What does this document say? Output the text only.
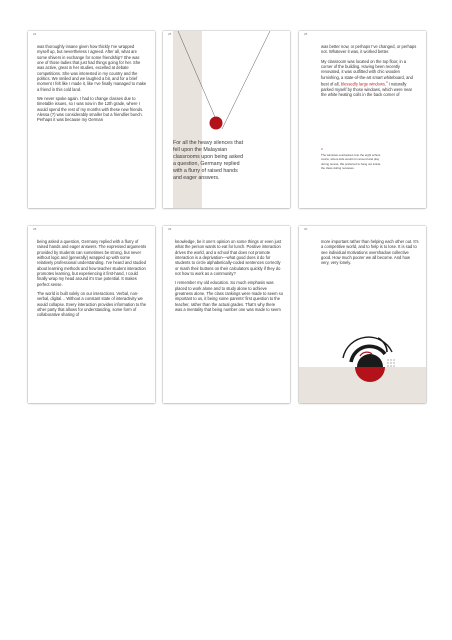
24

was thoroughly insane given how thickly I’ve wrapped myself up, but nevertheless I agreed. After all, what are some shivers in exchange for some friendship? She was one of those ladies that just had things going for her. She was active, great in her studies, excelled at debate competitions. She was interested in my country and the politics. We smiled and we laughed a bit, and for a brief moment I felt like I made it, like I’ve finally managed to make a friend in this cold land.

We never spoke again. I had to change classes due to timetable issues, so I was now in the 12th grade, where I would spend the rest of my months with these new friends. Alessa (?) was considerably smaller but a friendlier bunch. Perhaps it was because my German

25
For all the heavy silences that fell upon the Malaysian classrooms upon being asked a question, Germany replied with a flurry of raised hands and eager answers.
26

was better now, or perhaps I’ve changed, or perhaps not. Whatever it was, it worked better.

My classroom was located on the top floor, in a corner of the building. Having been recently renovated, it was outfitted with chic wooden furnishing, a state-of-the-art smart whiteboard, and best of all, blessedly large windows.$^3$ I naturally parked myself by those windows, which were near the white heating coils in the back corner of

3
The windows overlooked onto the eight school courts, where kids would run around and play during recess. We preferred to hang out inside the class during recesses.
28

being asked a question, Germany replied with a flurry of raised hands and eager answers. The expressed arguments provided by students can sometimes be strong, but never without logic and (generally) wrapped up with some relatively professional understanding. I’ve heard and studied about learning methods and how teacher student interaction promotes learning, but experiencing it first-hand, I could finally wrap my head around it’s true potential. It makes perfect sense.

The world is built solely on our interactions. Verbal, non-verbal, digital… Without a constant state of interactivity we would collapse. Every interaction provides information to the other party that allows for understanding, some form of collaborative sharing of

29

knowledge, be it one’s opinion on some things or even just what the person wants to eat for lunch. Positive interaction drives the world, and a school that does not promote interaction is a deprivation—what good does it do for students to circle alphabetically-coded sentences correctly or mash their buttons on their calculators quickly if they do not how to work as a community?

I remember my old education. So much emphasis was placed to work alone and to study alone to achieve greatness alone. The class rankings were made to seem so important to us, it being some parents’ first question to the teacher, rather than the actual grades. That’s why there was a mentality that being number one was made to seem

30

more important rather than helping each other out. It’s a competitive world, and to help is to lose. It is sad to see individual motivations overshadow collective good. How much poorer we all become. And how very, very lonely.
